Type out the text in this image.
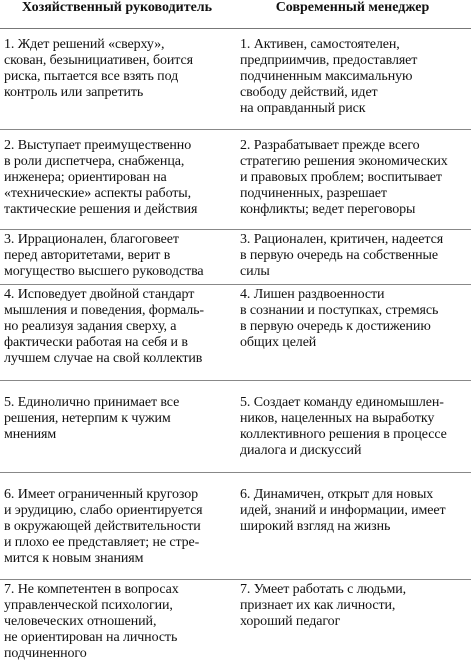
Хозяйственный руководитель	Современный менеджер
1. Ждет решений «сверху»,
скован, безынициативен, боится
риска, пытается все взять под
контроль или запретить	1. Активен, самостоятелен,
предприимчив, предоставляет
подчиненным максимальную
свободу действий, идет
на оправданный риск
2. Выступает преимущественно
в роли диспетчера, снабженца,
инженера; ориентирован на
«технические» аспекты работы,
тактические решения и действия	2. Разрабатывает прежде всего
стратегию решения экономических
и правовых проблем; воспитывает
подчиненных, разрешает
конфликты; ведет переговоры
3. Иррационален, благоговеет
перед авторитетами, верит в
могущество высшего руководства	3. Рационален, критичен, надеется
в первую очередь на собственные
силы
4. Исповедует двойной стандарт
мышления и поведения, формаль-
но реализуя задания сверху, а
фактически работая на себя и в
лучшем случае на свой коллектив	4. Лишен раздвоенности
в сознании и поступках, стремясь
в первую очередь к достижению
общих целей
5. Единолично принимает все
решения, нетерпим к чужим
мнениям	5. Создает команду единомышлен-
ников, нацеленных на выработку
коллективного решения в процессе
диалога и дискуссий
6. Имеет ограниченный кругозор
и эрудицию, слабо ориентируется
в окружающей действительности
и плохо ее представляет; не стре-
мится к новым знаниям	6. Динамичен, открыт для новых
идей, знаний и информации, имеет
широкий взгляд на жизнь
7. Не компетентен в вопросах
управленческой психологии,
человеческих отношений,
не ориентирован на личность
подчиненного	7. Умеет работать с людьми,
признает их как личности,
хороший педагог
